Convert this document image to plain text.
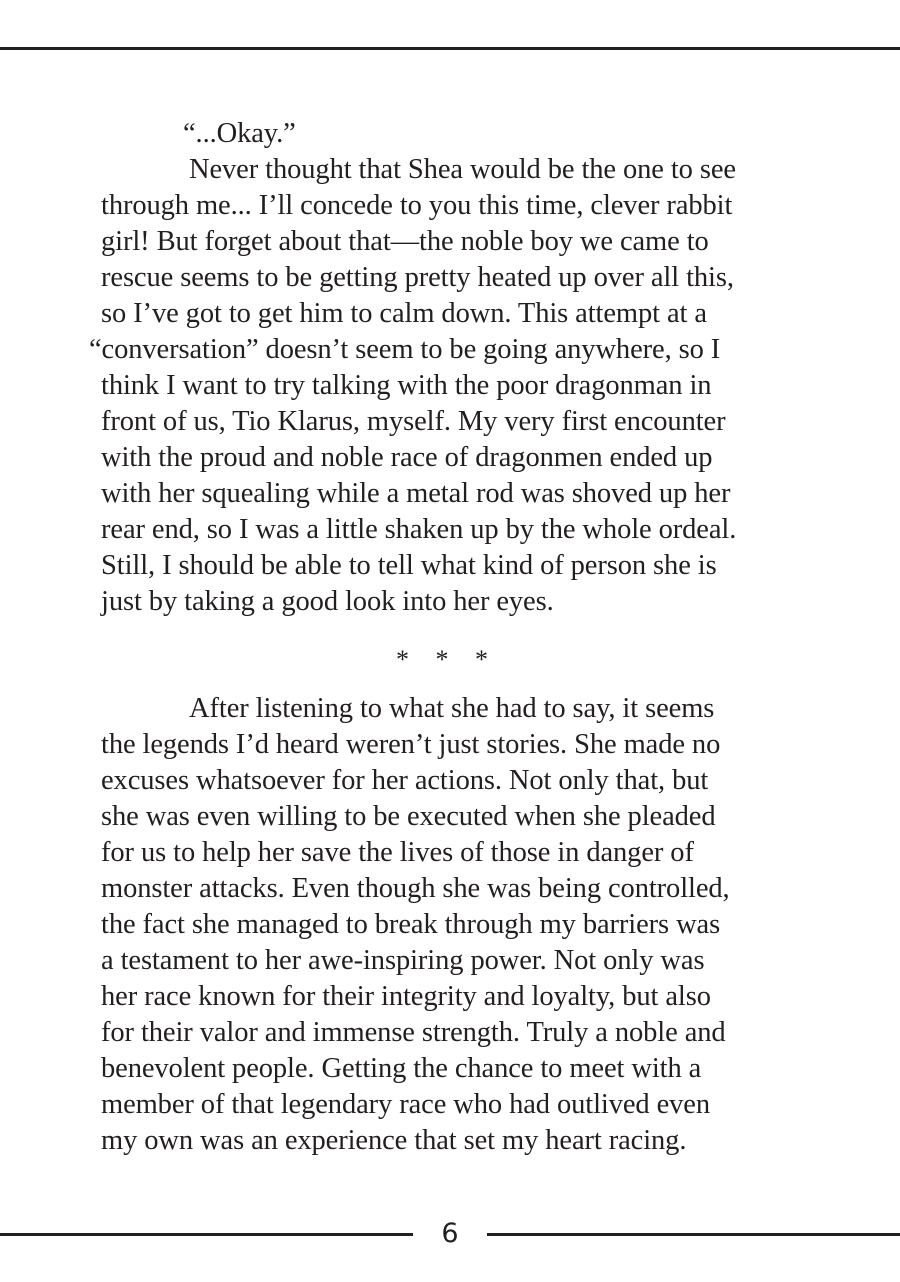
“...Okay.”
Never thought that Shea would be the one to see
through me... I’ll concede to you this time, clever rabbit
girl! But forget about that—the noble boy we came to
rescue seems to be getting pretty heated up over all this,
so I’ve got to get him to calm down. This attempt at a
“conversation” doesn’t seem to be going anywhere, so I
think I want to try talking with the poor dragonman in
front of us, Tio Klarus, myself. My very first encounter
with the proud and noble race of dragonmen ended up
with her squealing while a metal rod was shoved up her
rear end, so I was a little shaken up by the whole ordeal.
Still, I should be able to tell what kind of person she is
just by taking a good look into her eyes.
* * *
After listening to what she had to say, it seems
the legends I’d heard weren’t just stories. She made no
excuses whatsoever for her actions. Not only that, but
she was even willing to be executed when she pleaded
for us to help her save the lives of those in danger of
monster attacks. Even though she was being controlled,
the fact she managed to break through my barriers was
a testament to her awe-inspiring power. Not only was
her race known for their integrity and loyalty, but also
for their valor and immense strength. Truly a noble and
benevolent people. Getting the chance to meet with a
member of that legendary race who had outlived even
my own was an experience that set my heart racing.
6
